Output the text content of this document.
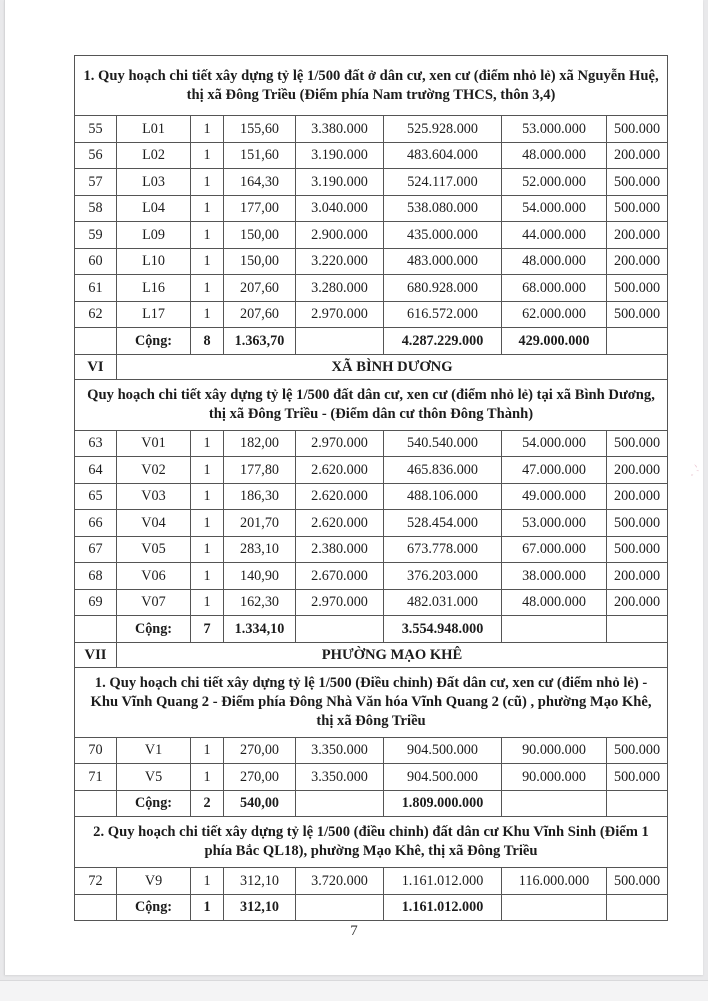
1. Quy hoạch chi tiết xây dựng tỷ lệ 1/500 đất ở dân cư, xen cư (điểm nhỏ lẻ) xã Nguyễn Huệ, thị xã Đông Triều (Điểm phía Nam trường THCS, thôn 3,4)							
55	L01	1	155,60	3.380.000	525.928.000	53.000.000	500.000
56	L02	1	151,60	3.190.000	483.604.000	48.000.000	200.000
57	L03	1	164,30	3.190.000	524.117.000	52.000.000	500.000
58	L04	1	177,00	3.040.000	538.080.000	54.000.000	500.000
59	L09	1	150,00	2.900.000	435.000.000	44.000.000	200.000
60	L10	1	150,00	3.220.000	483.000.000	48.000.000	200.000
61	L16	1	207,60	3.280.000	680.928.000	68.000.000	500.000
62	L17	1	207,60	2.970.000	616.572.000	62.000.000	500.000
	Cộng:	8	1.363,70		4.287.229.000	429.000.000	
VI	XÃ BÌNH DƯƠNG						
Quy hoạch chi tiết xây dựng tỷ lệ 1/500 đất dân cư, xen cư (điểm nhỏ lẻ) tại xã Bình Dương, thị xã Đông Triều - (Điểm dân cư thôn Đông Thành)							
63	V01	1	182,00	2.970.000	540.540.000	54.000.000	500.000
64	V02	1	177,80	2.620.000	465.836.000	47.000.000	200.000
65	V03	1	186,30	2.620.000	488.106.000	49.000.000	200.000
66	V04	1	201,70	2.620.000	528.454.000	53.000.000	500.000
67	V05	1	283,10	2.380.000	673.778.000	67.000.000	500.000
68	V06	1	140,90	2.670.000	376.203.000	38.000.000	200.000
69	V07	1	162,30	2.970.000	482.031.000	48.000.000	200.000
	Cộng:	7	1.334,10		3.554.948.000		
VII	PHƯỜNG MẠO KHÊ						
1. Quy hoạch chi tiết xây dựng tỷ lệ 1/500 (Điều chỉnh) Đất dân cư, xen cư (điểm nhỏ lẻ) - Khu Vĩnh Quang 2 - Điểm phía Đông Nhà Văn hóa Vĩnh Quang 2 (cũ) , phường Mạo Khê, thị xã Đông Triều							
70	V1	1	270,00	3.350.000	904.500.000	90.000.000	500.000
71	V5	1	270,00	3.350.000	904.500.000	90.000.000	500.000
	Cộng:	2	540,00		1.809.000.000		
2. Quy hoạch chi tiết xây dựng tỷ lệ 1/500 (điều chỉnh) đất dân cư Khu Vĩnh Sinh (Điểm 1 phía Bắc QL18), phường Mạo Khê, thị xã Đông Triều							
72	V9	1	312,10	3.720.000	1.161.012.000	116.000.000	500.000
	Cộng:	1	312,10		1.161.012.000		
7
ヽ' ¸
